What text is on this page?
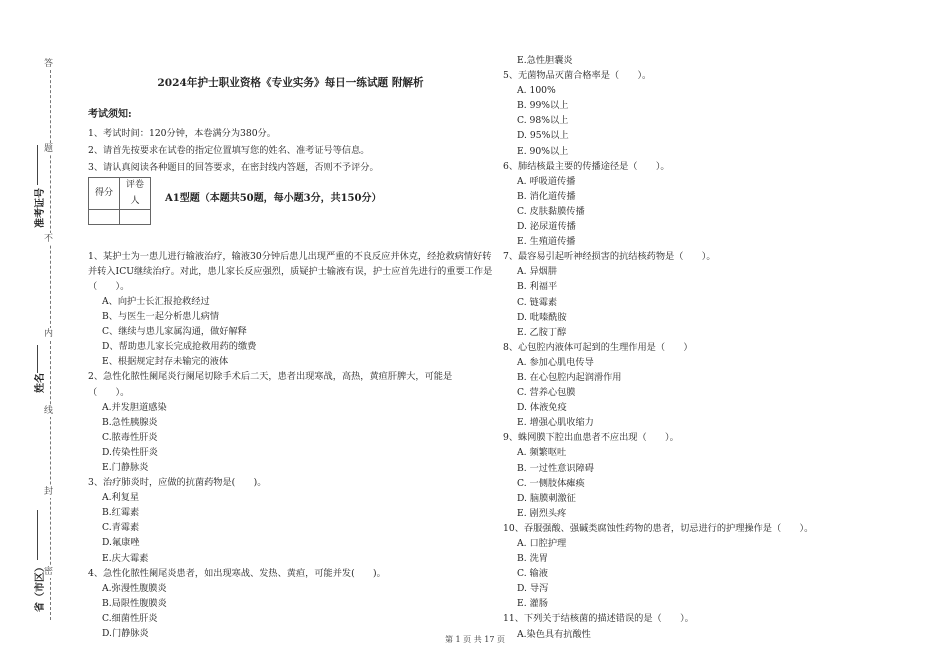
答
题
不
内
线
封
密
准考证号
姓名
省（市区）
2024年护士职业资格《专业实务》每日一练试题 附解析
考试须知:
1、考试时间：120分钟，本卷满分为380分。
2、请首先按要求在试卷的指定位置填写您的姓名、准考证号等信息。
3、请认真阅读各种题目的回答要求，在密封线内答题，否则不予评分。
得分	评卷人
		A1型题（本题共50题，每小题3分，共150分）
1、某护士为一患儿进行输液治疗，输液30分钟后患儿出现严重的不良反应并休克，经抢救病情好转并转入ICU继续治疗。对此，患儿家长反应强烈，质疑护士输液有误，护士应首先进行的重要工作是（　　）。
A、向护士长汇报抢救经过
B、与医生一起分析患儿病情
C、继续与患儿家属沟通，做好解释
D、帮助患儿家长完成抢救用药的缴费
E、根据规定封存未输完的液体
2、急性化脓性阑尾炎行阑尾切除手术后二天，患者出现寒战，高热，黄疸肝脾大，可能是（　　）。
A.并发胆道感染
B.急性胰腺炎
C.脓毒性肝炎
D.传染性肝炎
E.门静脉炎
3、治疗肺炎时，应做的抗菌药物是(　　)。
A.利复星
B.红霉素
C.青霉素
D.氟康唑
E.庆大霉素
4、急性化脓性阑尾炎患者，如出现寒战、发热、黄疸，可能并发(　　)。
A.弥漫性腹膜炎
B.局限性腹膜炎
C.细菌性肝炎
D.门静脉炎
E.急性胆囊炎
5、无菌物品灭菌合格率是（　　）。
A. 100%
B. 99%以上
C. 98%以上
D. 95%以上
E. 90%以上
6、肺结核最主要的传播途径是（　　）。
A. 呼吸道传播
B. 消化道传播
C. 皮肤黏膜传播
D. 泌尿道传播
E. 生殖道传播
7、最容易引起听神经损害的抗结核药物是（　　）。
A. 异烟肼
B. 利福平
C. 链霉素
D. 吡嗪酰胺
E. 乙胺丁醇
8、心包腔内液体可起到的生理作用是（　　）
A. 参加心肌电传导
B. 在心包腔内起润滑作用
C. 营养心包膜
D. 体液免疫
E. 增强心肌收缩力
9、蛛网膜下腔出血患者不应出现（　　）。
A. 频繁呕吐
B. 一过性意识障碍
C. 一侧肢体瘫痪
D. 脑膜刺激征
E. 剧烈头疼
10、吞服强酸、强碱类腐蚀性药物的患者，切忌进行的护理操作是（　　）。
A. 口腔护理
B. 洗胃
C. 输液
D. 导泻
E. 灌肠
11、下列关于结核菌的描述错误的是（　　）。
A.染色具有抗酸性
第 1 页 共 17 页
